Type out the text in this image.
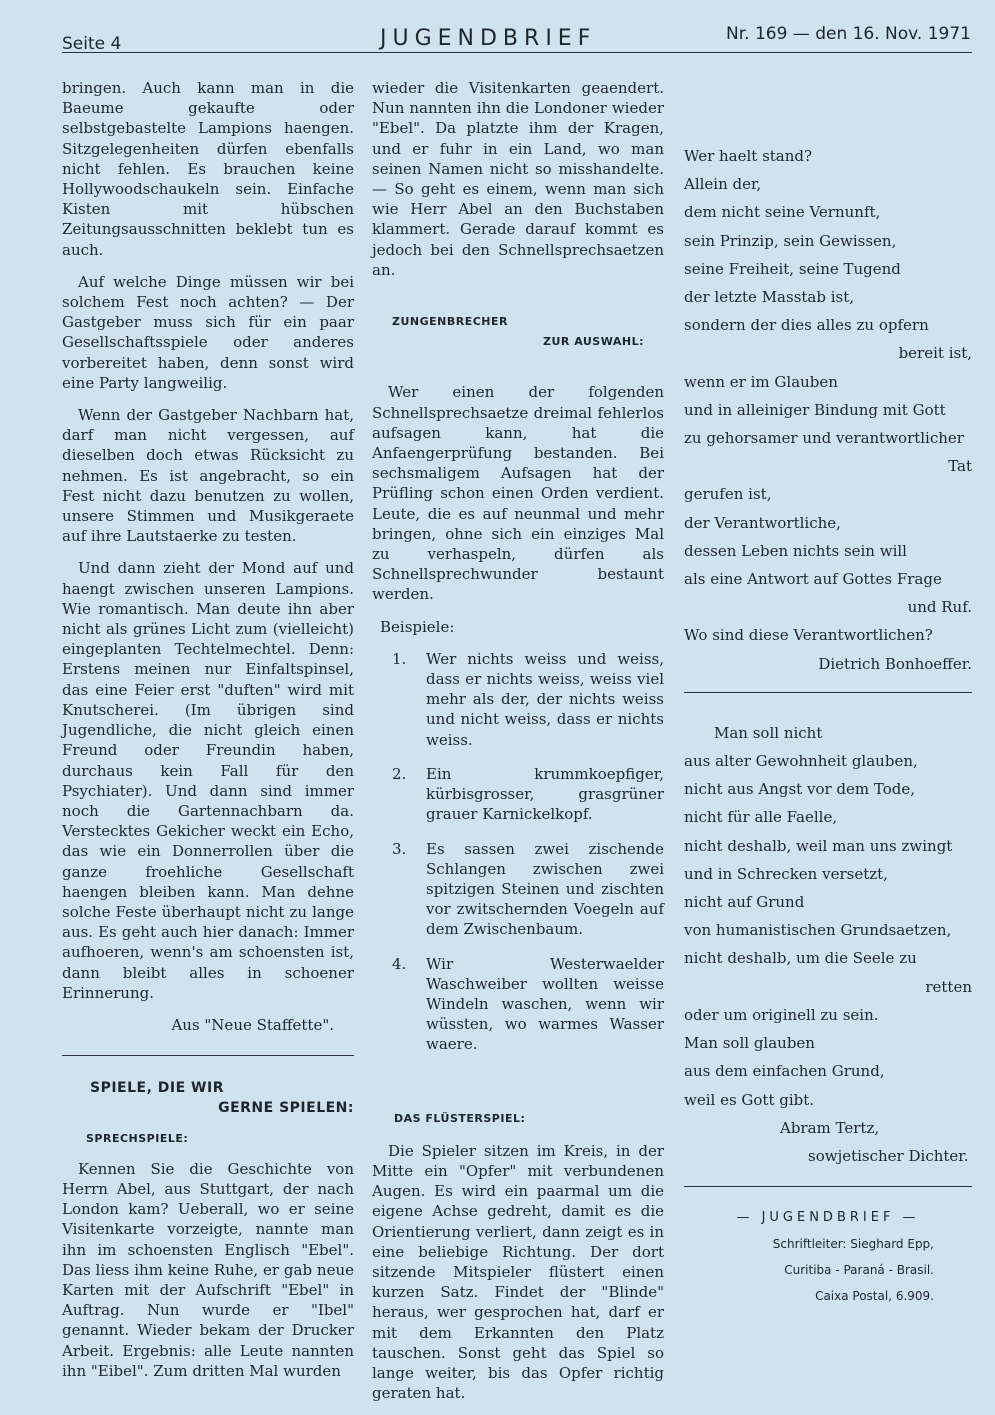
Seite 4	JUGENDBRIEF	Nr. 169 — den 16. Nov. 1971

bringen. Auch kann man in die Baeume gekaufte oder selbstgebastelte Lampions haengen. Sitzgelegenheiten dürfen ebenfalls nicht fehlen. Es brauchen keine Hollywoodschaukeln sein. Einfache Kisten mit hübschen Zeitungsausschnitten beklebt tun es auch.

Auf welche Dinge müssen wir bei solchem Fest noch achten? — Der Gastgeber muss sich für ein paar Gesellschaftsspiele oder anderes vorbereitet haben, denn sonst wird eine Party langweilig.

Wenn der Gastgeber Nachbarn hat, darf man nicht vergessen, auf dieselben doch etwas Rücksicht zu nehmen. Es ist angebracht, so ein Fest nicht dazu benutzen zu wollen, unsere Stimmen und Musikgeraete auf ihre Lautstaerke zu testen.

Und dann zieht der Mond auf und haengt zwischen unseren Lampions. Wie romantisch. Man deute ihn aber nicht als grünes Licht zum (vielleicht) eingeplanten Techtelmechtel. Denn: Erstens meinen nur Einfaltspinsel, das eine Feier erst "duften" wird mit Knutscherei. (Im übrigen sind Jugendliche, die nicht gleich einen Freund oder Freundin haben, durchaus kein Fall für den Psychiater). Und dann sind immer noch die Gartennachbarn da. Verstecktes Gekicher weckt ein Echo, das wie ein Donnerrollen über die ganze froehliche Gesellschaft haengen bleiben kann. Man dehne solche Feste überhaupt nicht zu lange aus. Es geht auch hier danach: Immer aufhoeren, wenn's am schoensten ist, dann bleibt alles in schoener Erinnerung.

Aus "Neue Staffette".

SPIELE, DIE WIR
GERNE SPIELEN:
SPRECHSPIELE:

Kennen Sie die Geschichte von Herrn Abel, aus Stuttgart, der nach London kam? Ueberall, wo er seine Visitenkarte vorzeigte, nannte man ihn im schoensten Englisch "Ebel". Das liess ihm keine Ruhe, er gab neue Karten mit der Aufschrift "Ebel" in Auftrag. Nun wurde er "Ibel" genannt. Wieder bekam der Drucker Arbeit. Ergebnis: alle Leute nannten ihn "Eibel". Zum dritten Mal wurden

wieder die Visitenkarten geaendert. Nun nannten ihn die Londoner wieder "Ebel". Da platzte ihm der Kragen, und er fuhr in ein Land, wo man seinen Namen nicht so misshandelte. — So geht es einem, wenn man sich wie Herr Abel an den Buchstaben klammert. Gerade darauf kommt es jedoch bei den Schnellsprechsaetzen an.

ZUNGENBRECHER
ZUR AUSWAHL:

Wer einen der folgenden Schnellsprechsaetze dreimal fehlerlos aufsagen kann, hat die Anfaengerprüfung bestanden. Bei sechsmaligem Aufsagen hat der Prüfling schon einen Orden verdient. Leute, die es auf neunmal und mehr bringen, ohne sich ein einziges Mal zu verhaspeln, dürfen als Schnellsprechwunder bestaunt werden.

Beispiele:
1.	Wer nichts weiss und weiss, dass er nichts weiss, weiss viel mehr als der, der nichts weiss und nicht weiss, dass er nichts weiss.
2.	Ein krummkoepfiger, kürbisgrosser, grasgrüner grauer Karnickelkopf.
3.	Es sassen zwei zischende Schlangen zwischen zwei spitzigen Steinen und zischten vor zwitschernden Voegeln auf dem Zwischenbaum.
4.	Wir Westerwaelder Waschweiber wollten weisse Windeln waschen, wenn wir wüssten, wo warmes Wasser waere.
DAS FLÜSTERSPIEL:

Die Spieler sitzen im Kreis, in der Mitte ein "Opfer" mit verbundenen Augen. Es wird ein paarmal um die eigene Achse gedreht, damit es die Orientierung verliert, dann zeigt es in eine beliebige Richtung. Der dort sitzende Mitspieler flüstert einen kurzen Satz. Findet der "Blinde" heraus, wer gesprochen hat, darf er mit dem Erkannten den Platz tauschen. Sonst geht das Spiel so lange weiter, bis das Opfer richtig geraten hat.

Wer haelt stand?
Allein der,
dem nicht seine Vernunft,
sein Prinzip, sein Gewissen,
seine Freiheit, seine Tugend
der letzte Masstab ist,
sondern der dies alles zu opfern
bereit ist,
wenn er im Glauben
und in alleiniger Bindung mit Gott
zu gehorsamer und verantwortlicher
Tat
gerufen ist,
der Verantwortliche,
dessen Leben nichts sein will
als eine Antwort auf Gottes Frage
und Ruf.
Wo sind diese Verantwortlichen?
Dietrich Bonhoeffer.
Man soll nicht
aus alter Gewohnheit glauben,
nicht aus Angst vor dem Tode,
nicht für alle Faelle,
nicht deshalb, weil man uns zwingt
und in Schrecken versetzt,
nicht auf Grund
von humanistischen Grundsaetzen,
nicht deshalb, um die Seele zu
retten
oder um originell zu sein.
Man soll glauben
aus dem einfachen Grund,
weil es Gott gibt.
Abram Tertz,
sowjetischer Dichter.
— JUGENDBRIEF —
Schriftleiter: Sieghard Epp,
Curitiba - Paraná - Brasil.
Caixa Postal, 6.909.
